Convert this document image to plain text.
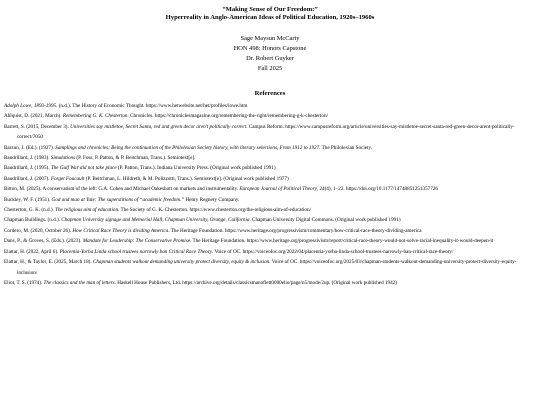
“Making Sense of Our Freedom:”
Hyperreality in Anglo-American Ideas of Political Education, 1920s–1960s
Sage Maysun McCarty
HON 498: Honors Capstone
Dr. Robert Guyker
Fall 2025
References
Adolph Lowe, 1893-1995. (n.d.). The History of Economic Thought. https://www.hetwebsite.net/het/profiles/lowe.htm
Ahlquist, D. (2021, March). Remembering G. K. Chesterton. Chronicles. https://chroniclesmagazine.org/remembering-the-right/remembering-g-k-chesterton/
Barrett, S. (2015, December 3). Universities say mistletoe, Secret Santa, red and green decor aren't politically correct. Campus Reform. https://www.campusreform.org/article/universities-say-mistletoe-secret-santa-red-green-decor-arent-politically-correct/7050
Barzun, J. (Ed.). (1927). Samplings and chronicles: Being the continuation of the Philolexian Society history, with literary selections, From 1912 to 1927. The Philolexian Society.
Baudrillard, J. (1983). Simulations (P. Foss, P. Patton, & P. Beitchman, Trans.). Semiotext[e].
Baudrillard, J. (1995). The Gulf War did not take place (P. Patton, Trans.). Indiana University Press. (Original work published 1991)
Baudrillard, J. (2007). Forget Foucault (P. Beitchman, L. Hildreth, & M. Polizzotti, Trans.). Semiotext[e]. (Original work published 1977)
Bitton, M. (2025). A conservatism of the left: G.A. Cohen and Michael Oakeshott on markets and instrumentality. European Journal of Political Theory, 24(4), 1–22. https://doi.org/10.1177/14748851251357726
Buckley, W. F. (1951). God and man at Yale: The superstitions of “academic freedom.” Henry Regnery Company.
Chesterton, G. K. (n.d.). The religious aim of education. The Society of G. K. Chesterton. https://www.chesterton.org/the-religious-aim-of-education/
Chapman Buildings. (n.d.). Chapman University signage and Memorial Hall, Chapman University, Orange, California. Chapman University Digital Commons. (Original work published 1991)
Cordero, M. (2020, October 26). How Critical Race Theory is dividing America. The Heritage Foundation. https://www.heritage.org/progressivism/commentary/how-critical-race-theory-dividing-america
Dans, P., & Groves, S. (Eds.). (2023). Mandate for Leadership: The Conservative Promise. The Heritage Foundation. https://www.heritage.org/progressivism/report/critical-race-theory-would-not-solve-racial-inequality-it-would-deepen-it
Elattar, H. (2022, April 6). Placentia-Yorba Linda school trustees narrowly ban Critical Race Theory. Voice of OC. https://voiceofoc.org/2022/04/placentia-yorba-linda-school-trustees-narrowly-ban-critical-race-theory/
Elattar, H., & Taylor, E. (2025, March 18). Chapman students walkout demanding university protect diversity, equity & inclusion. Voice of OC. https://voiceofoc.org/2025/03/chapman-students-walkout-demanding-university-protect-diversity-equity-inclusion/
Eliot, T. S. (1974). The classics and the man of letters. Haskell House Publishers, Ltd. https://archive.org/details/classicsmanoflett0000elio/page/n5/mode/2up. (Original work published 1942)
